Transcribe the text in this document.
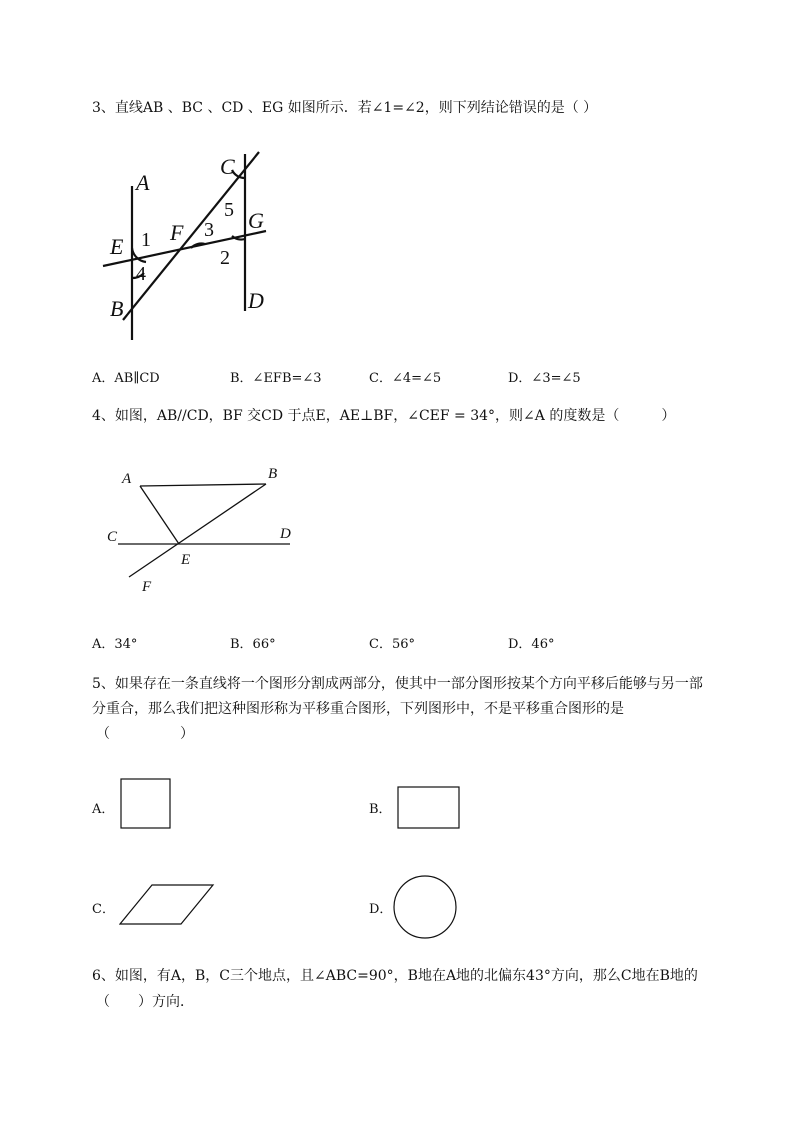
3、直线AB 、BC 、CD 、EG 如图所示．若∠1=∠2，则下列结论错误的是（ ）
A
B
C
D
E
F	G
1
2
3
4
5
A．AB∥CD	B．∠EFB=∠3	C．∠4=∠5	D．∠3=∠5
4、如图，AB//CD，BF 交CD 于点E，AE⊥BF，∠CEF = 34°，则∠A 的度数是（　　　）
A	B
C	D
E
F
A．34°	B．66°	C．56°	D．46°
5、如果存在一条直线将一个图形分割成两部分，使其中一部分图形按某个方向平移后能够与另一部
分重合，那么我们把这种图形称为平移重合图形，下列图形中，不是平移重合图形的是
（　　　　　）
A．	B．
C．	D．
6、如图，有A，B，C三个地点，且∠ABC=90°，B地在A地的北偏东43°方向，那么C地在B地的
（　　）方向．
